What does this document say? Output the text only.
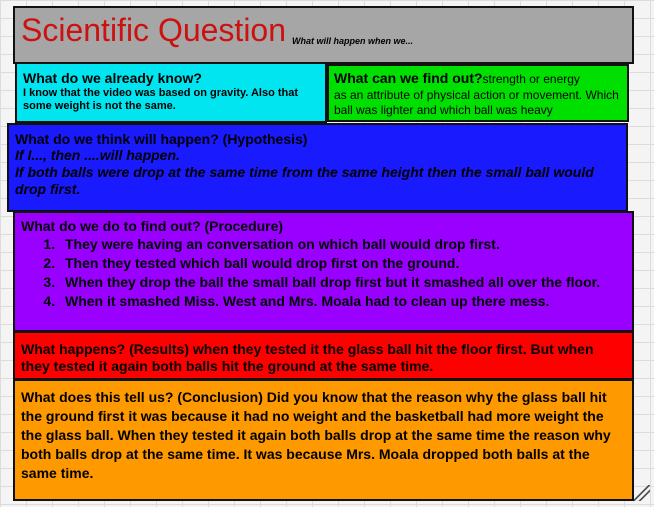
Scientific Question What will happen when we...
What do we already know?
I know that the video was based on gravity. Also that some weight is not the same.
What can we find out?strength or energy
as an attribute of physical action or movement. Which ball was lighter and which ball was heavy
What do we think will happen? (Hypothesis)
If I..., then ....will happen.
If both balls were drop at the same time from the same height then the small ball would drop first.
What do we do to find out? (Procedure)
1. They were having an conversation on which ball would drop first.
2. Then they tested which ball would drop first on the ground.
3. When they drop the ball the small ball drop first but it smashed all over the floor.
4. When it smashed Miss. West and Mrs. Moala had to clean up there mess.
What happens? (Results) when they tested it the glass ball hit the floor first. But when they tested it again both balls hit the ground at the same time.
What does this tell us? (Conclusion) Did you know that the reason why the glass ball hit the ground first it was because it had no weight and the basketball had more weight the the glass ball. When they tested it again both balls drop at the same time the reason why both balls drop at the same time. It was because Mrs. Moala dropped both balls at the same time.
